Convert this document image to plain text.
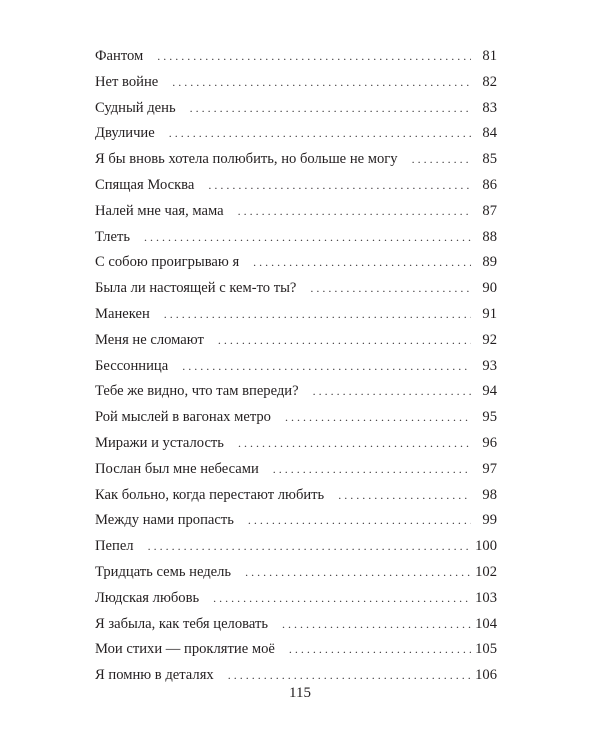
Фантом . . .	81
Нет войне . . .	82
Судный день . . .	83
Двуличие . . .	84
Я бы вновь хотела полюбить, но больше не могу . . .	85
Спящая Москва . . .	86
Налей мне чая, мама . . .	87
Тлеть . . .	88
С собою проигрываю я . . .	89
Была ли настоящей с кем-то ты? . . .	90
Манекен . . .	91
Меня не сломают . . .	92
Бессонница . . .	93
Тебе же видно, что там впереди? . . .	94
Рой мыслей в вагонах метро . . .	95
Миражи и усталость . . .	96
Послан был мне небесами . . .	97
Как больно, когда перестают любить . . .	98
Между нами пропасть . . .	99
Пепел . . .	100
Тридцать семь недель . . .	102
Людская любовь . . .	103
Я забыла, как тебя целовать . . .	104
Мои стихи — проклятие моё . . .	105
Я помню в деталях . . .	106
115
